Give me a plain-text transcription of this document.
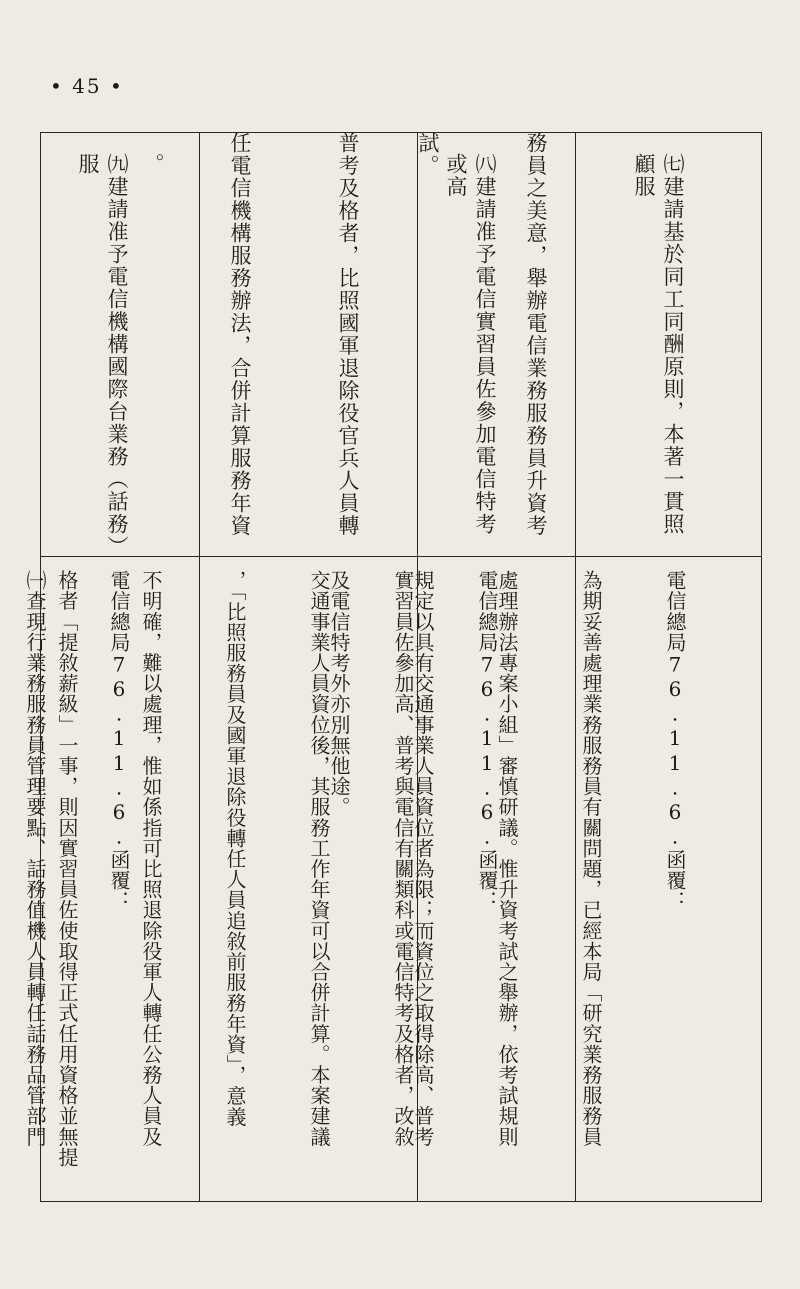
• 45 •

㈦建請基於同工同酬原則，本著一貫照顧服

務員之美意，舉辦電信業務服務員升資考

試。

	㈧建請准予電信實習員佐參加電信特考或高

普考及格者，比照國軍退除役官兵人員轉

任電信機構服務辦法，合併計算服務年資

。

㈨建請准予電信機構國際台業務（話務）服

電信總局76.11.6.函覆：

為期妥善處理業務服務員有關問題，已經本局「研究業務服務員

處理辦法專案小組」審慎研議。惟升資考試之舉辦，依考試規則

規定以具有交通事業人員資位者為限；而資位之取得除高、普考

及電信特考外亦別無他途。

	電信總局76.11.6.函覆：

實習員佐參加高、普考與電信有關類科或電信特考及格者，改敘

交通事業人員資位後，其服務工作年資可以合併計算。本案建議

，「比照服務員及國軍退除役轉任人員追敘前服務年資」，意義

不明確，難以處理，惟如係指可比照退除役軍人轉任公務人員及

格者「提敘薪級」一事，則因實習員佐使取得正式任用資格並無提

電信總局76.11.6.函覆：

㈠查現行業務服務員管理要點、話務值機人員轉任話務品管部門
